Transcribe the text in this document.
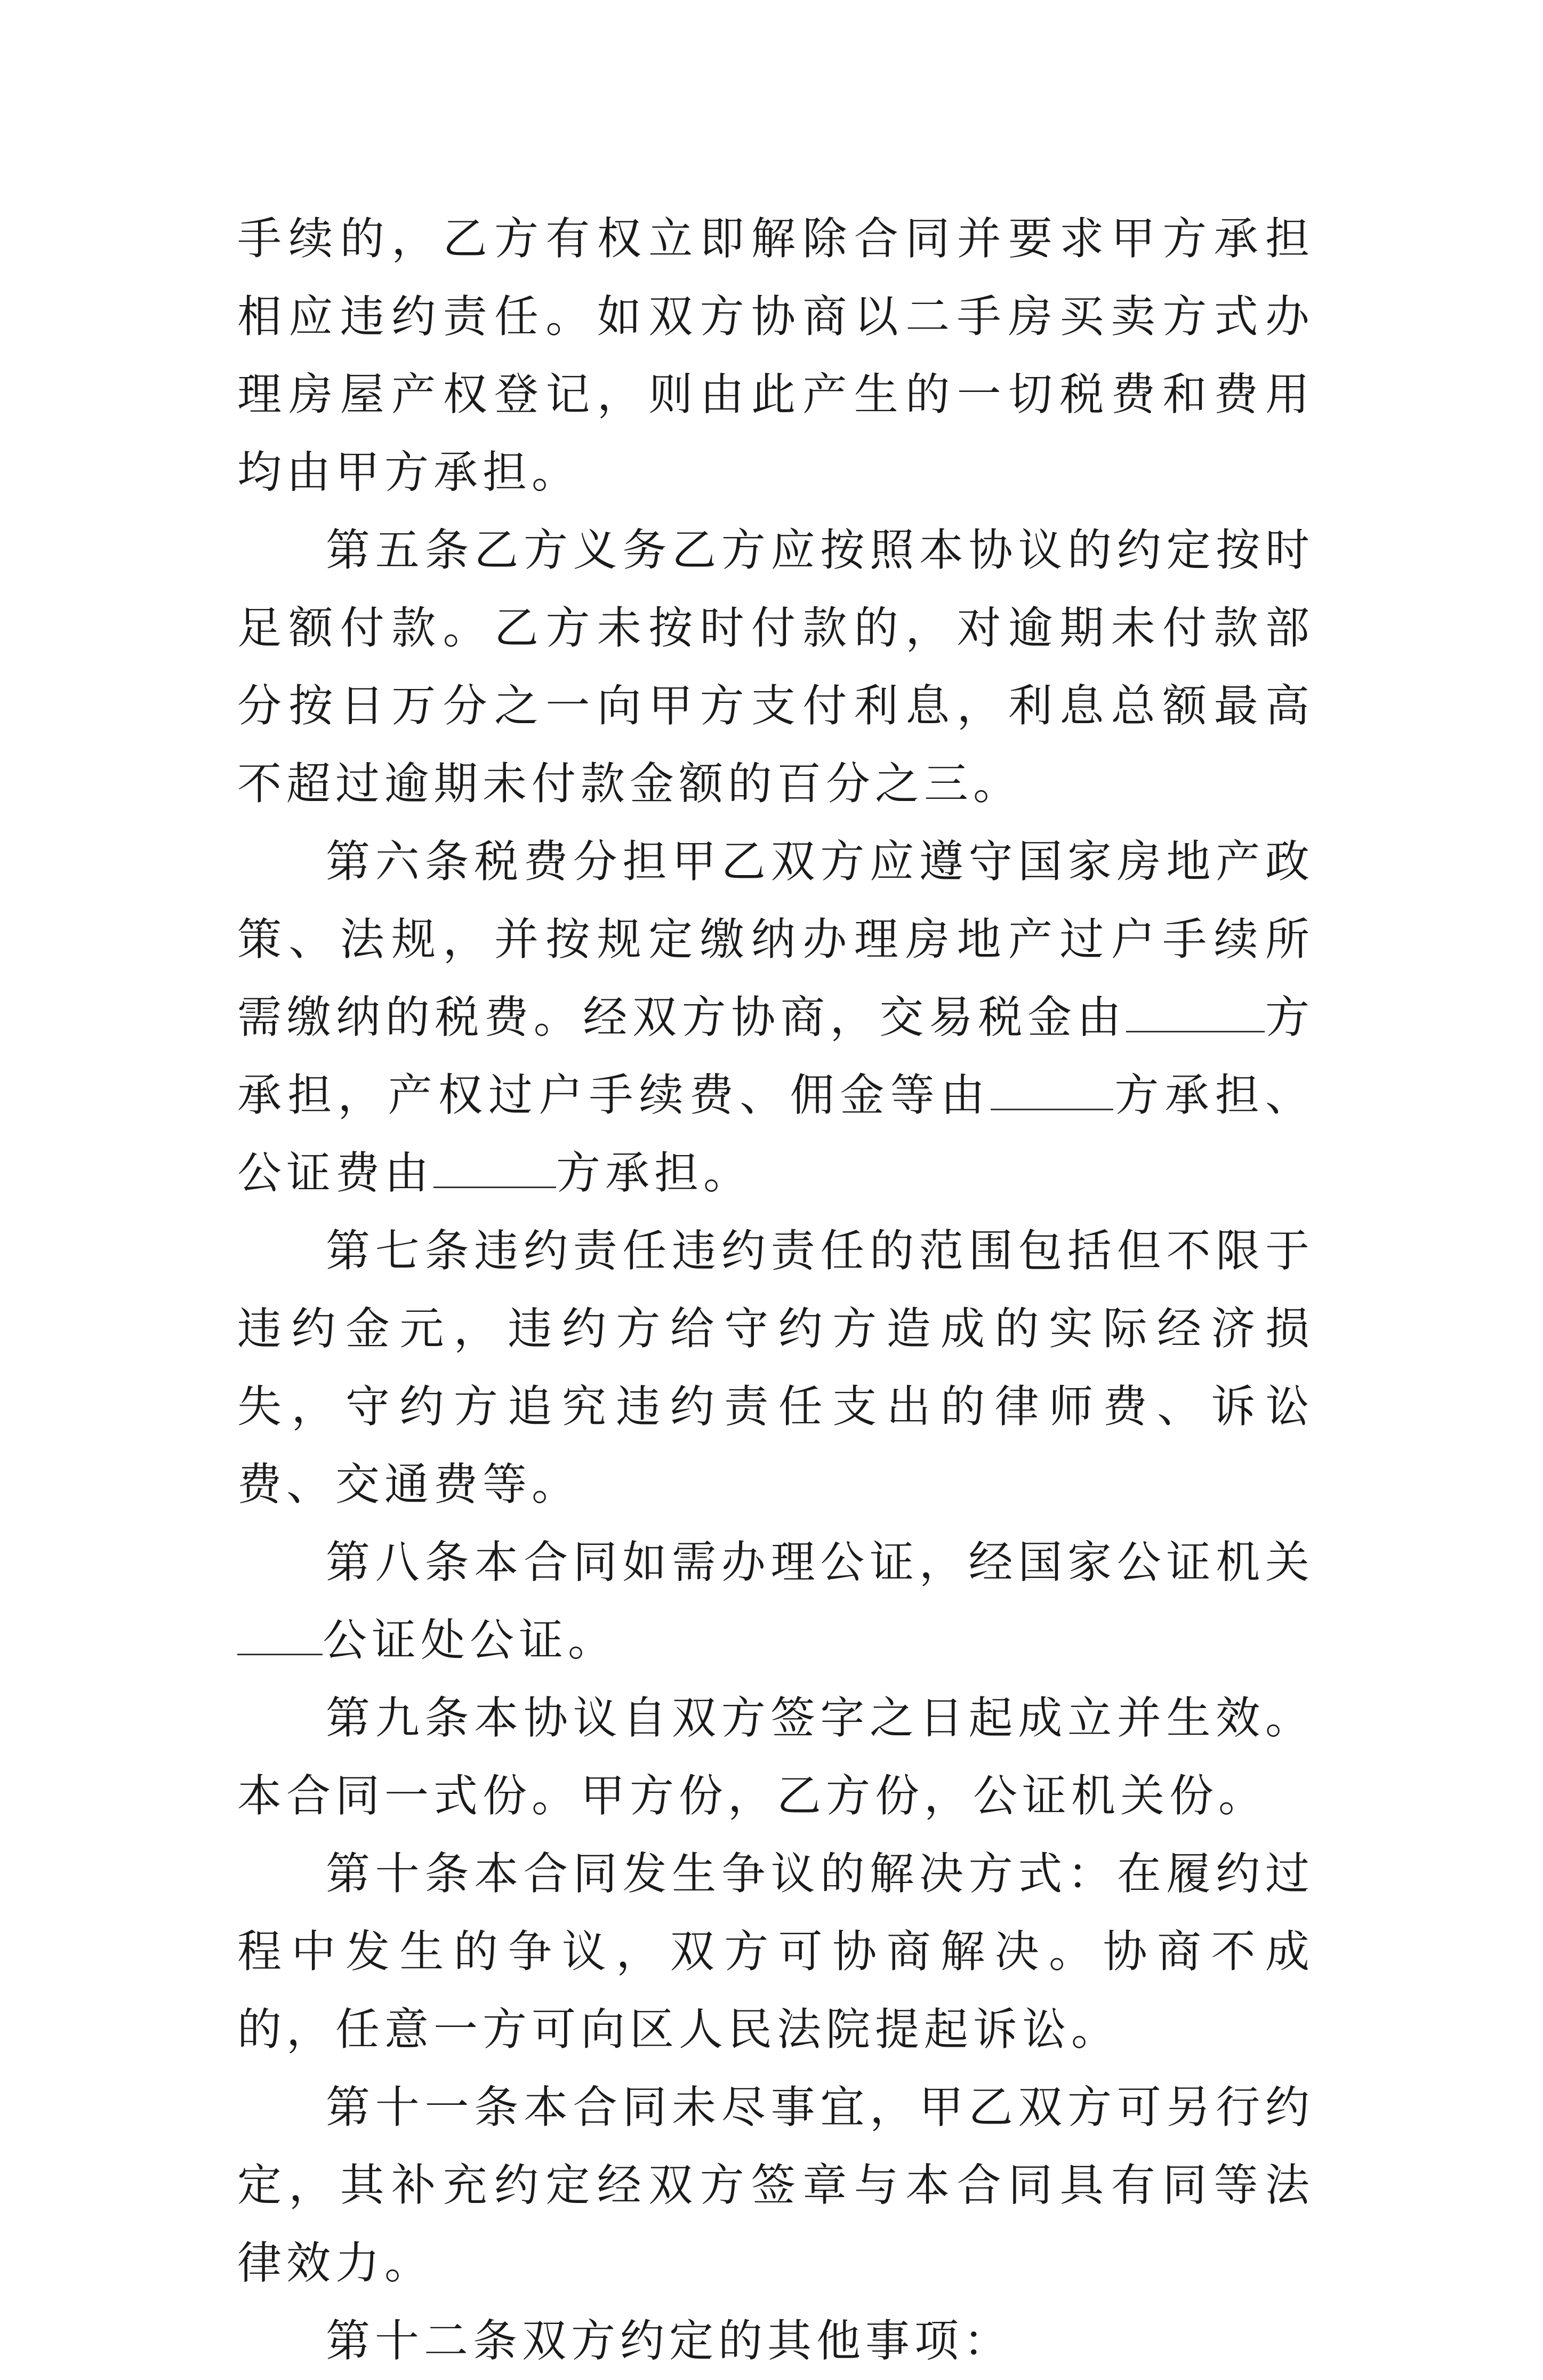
手续的，乙方有权立即解除合同并要求甲方承担相应违约责任。如双方协商以二手房买卖方式办理房屋产权登记，则由此产生的一切税费和费用均由甲方承担。

第五条乙方义务乙方应按照本协议的约定按时足额付款。乙方未按时付款的，对逾期未付款部分按日万分之一向甲方支付利息，利息总额最高不超过逾期未付款金额的百分之三。

第六条税费分担甲乙双方应遵守国家房地产政策、法规，并按规定缴纳办理房地产过户手续所需缴纳的税费。经双方协商，交易税金由	方承担，产权过户手续费、佣金等由	方承担、公证费由	方承担。

第七条违约责任违约责任的范围包括但不限于违约金元，违约方给守约方造成的实际经济损失，守约方追究违约责任支出的律师费、诉讼费、交通费等。

第八条本合同如需办理公证，经国家公证机关公证处公证。

第九条本协议自双方签字之日起成立并生效。本合同一式份。甲方份，乙方份，公证机关份。

第十条本合同发生争议的解决方式：在履约过程中发生的争议，双方可协商解决。协商不成的，任意一方可向区人民法院提起诉讼。

第十一条本合同未尽事宜，甲乙双方可另行约定，其补充约定经双方签章与本合同具有同等法律效力。

第十二条双方约定的其他事项：
